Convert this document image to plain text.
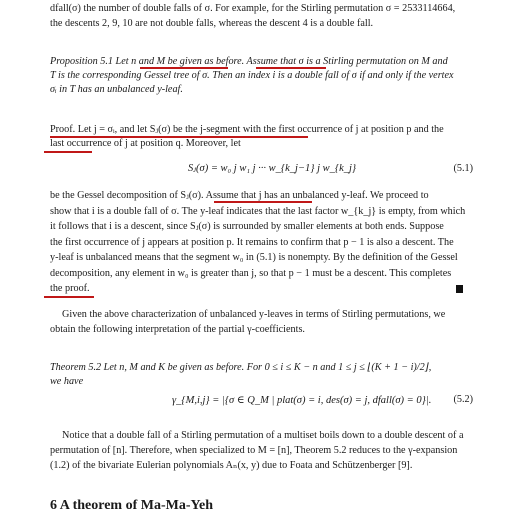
dfall(σ) the number of double falls of σ. For example, for the Stirling permutation σ = 2533114664,
the descents 2, 9, 10 are not double falls, whereas the descent 4 is a double fall.
Proposition 5.1 Let n and M be given as before. Assume that σ is a Stirling permutation on M and
T is the corresponding Gessel tree of σ. Then an index i is a double fall of σ if and only if the vertex
σᵢ in T has an unbalanced y-leaf.
Proof. Let j = σᵢ, and let Sⱼ(σ) be the j-segment with the first occurrence of j at position p and the
last occurrence of j at position q. Moreover, let
Sⱼ(σ) = w₀ j w₁ j ··· w_{k_j−1} j w_{k_j}	(5.1)
be the Gessel decomposition of Sⱼ(σ). Assume that j has an unbalanced y-leaf. We proceed to
show that i is a double fall of σ. The y-leaf indicates that the last factor w_{k_j} is empty, from which
it follows that i is a descent, since Sⱼ(σ) is surrounded by smaller elements at both ends. Suppose
the first occurrence of j appears at position p. It remains to confirm that p − 1 is also a descent. The
y-leaf is unbalanced means that the segment w₀ in (5.1) is nonempty. By the definition of the Gessel
decomposition, any element in w₀ is greater than j, so that p − 1 must be a descent. This completes
the proof.
Given the above characterization of unbalanced y-leaves in terms of Stirling permutations, we
obtain the following interpretation of the partial γ-coefficients.
Theorem 5.2 Let n, M and K be given as before. For 0 ≤ i ≤ K − n and 1 ≤ j ≤ ⌊(K + 1 − i)/2⌋,
we have
γ_{M,i,j} = |{σ ∈ Q_M | plat(σ) = i, des(σ) = j, dfall(σ) = 0}|. (5.2)
Notice that a double fall of a Stirling permutation of a multiset boils down to a double descent of a
permutation of [n]. Therefore, when specialized to M = [n], Theorem 5.2 reduces to the γ-expansion
(1.2) of the bivariate Eulerian polynomials Aₙ(x, y) due to Foata and Schützenberger [9].
6 A theorem of Ma-Ma-Yeh
